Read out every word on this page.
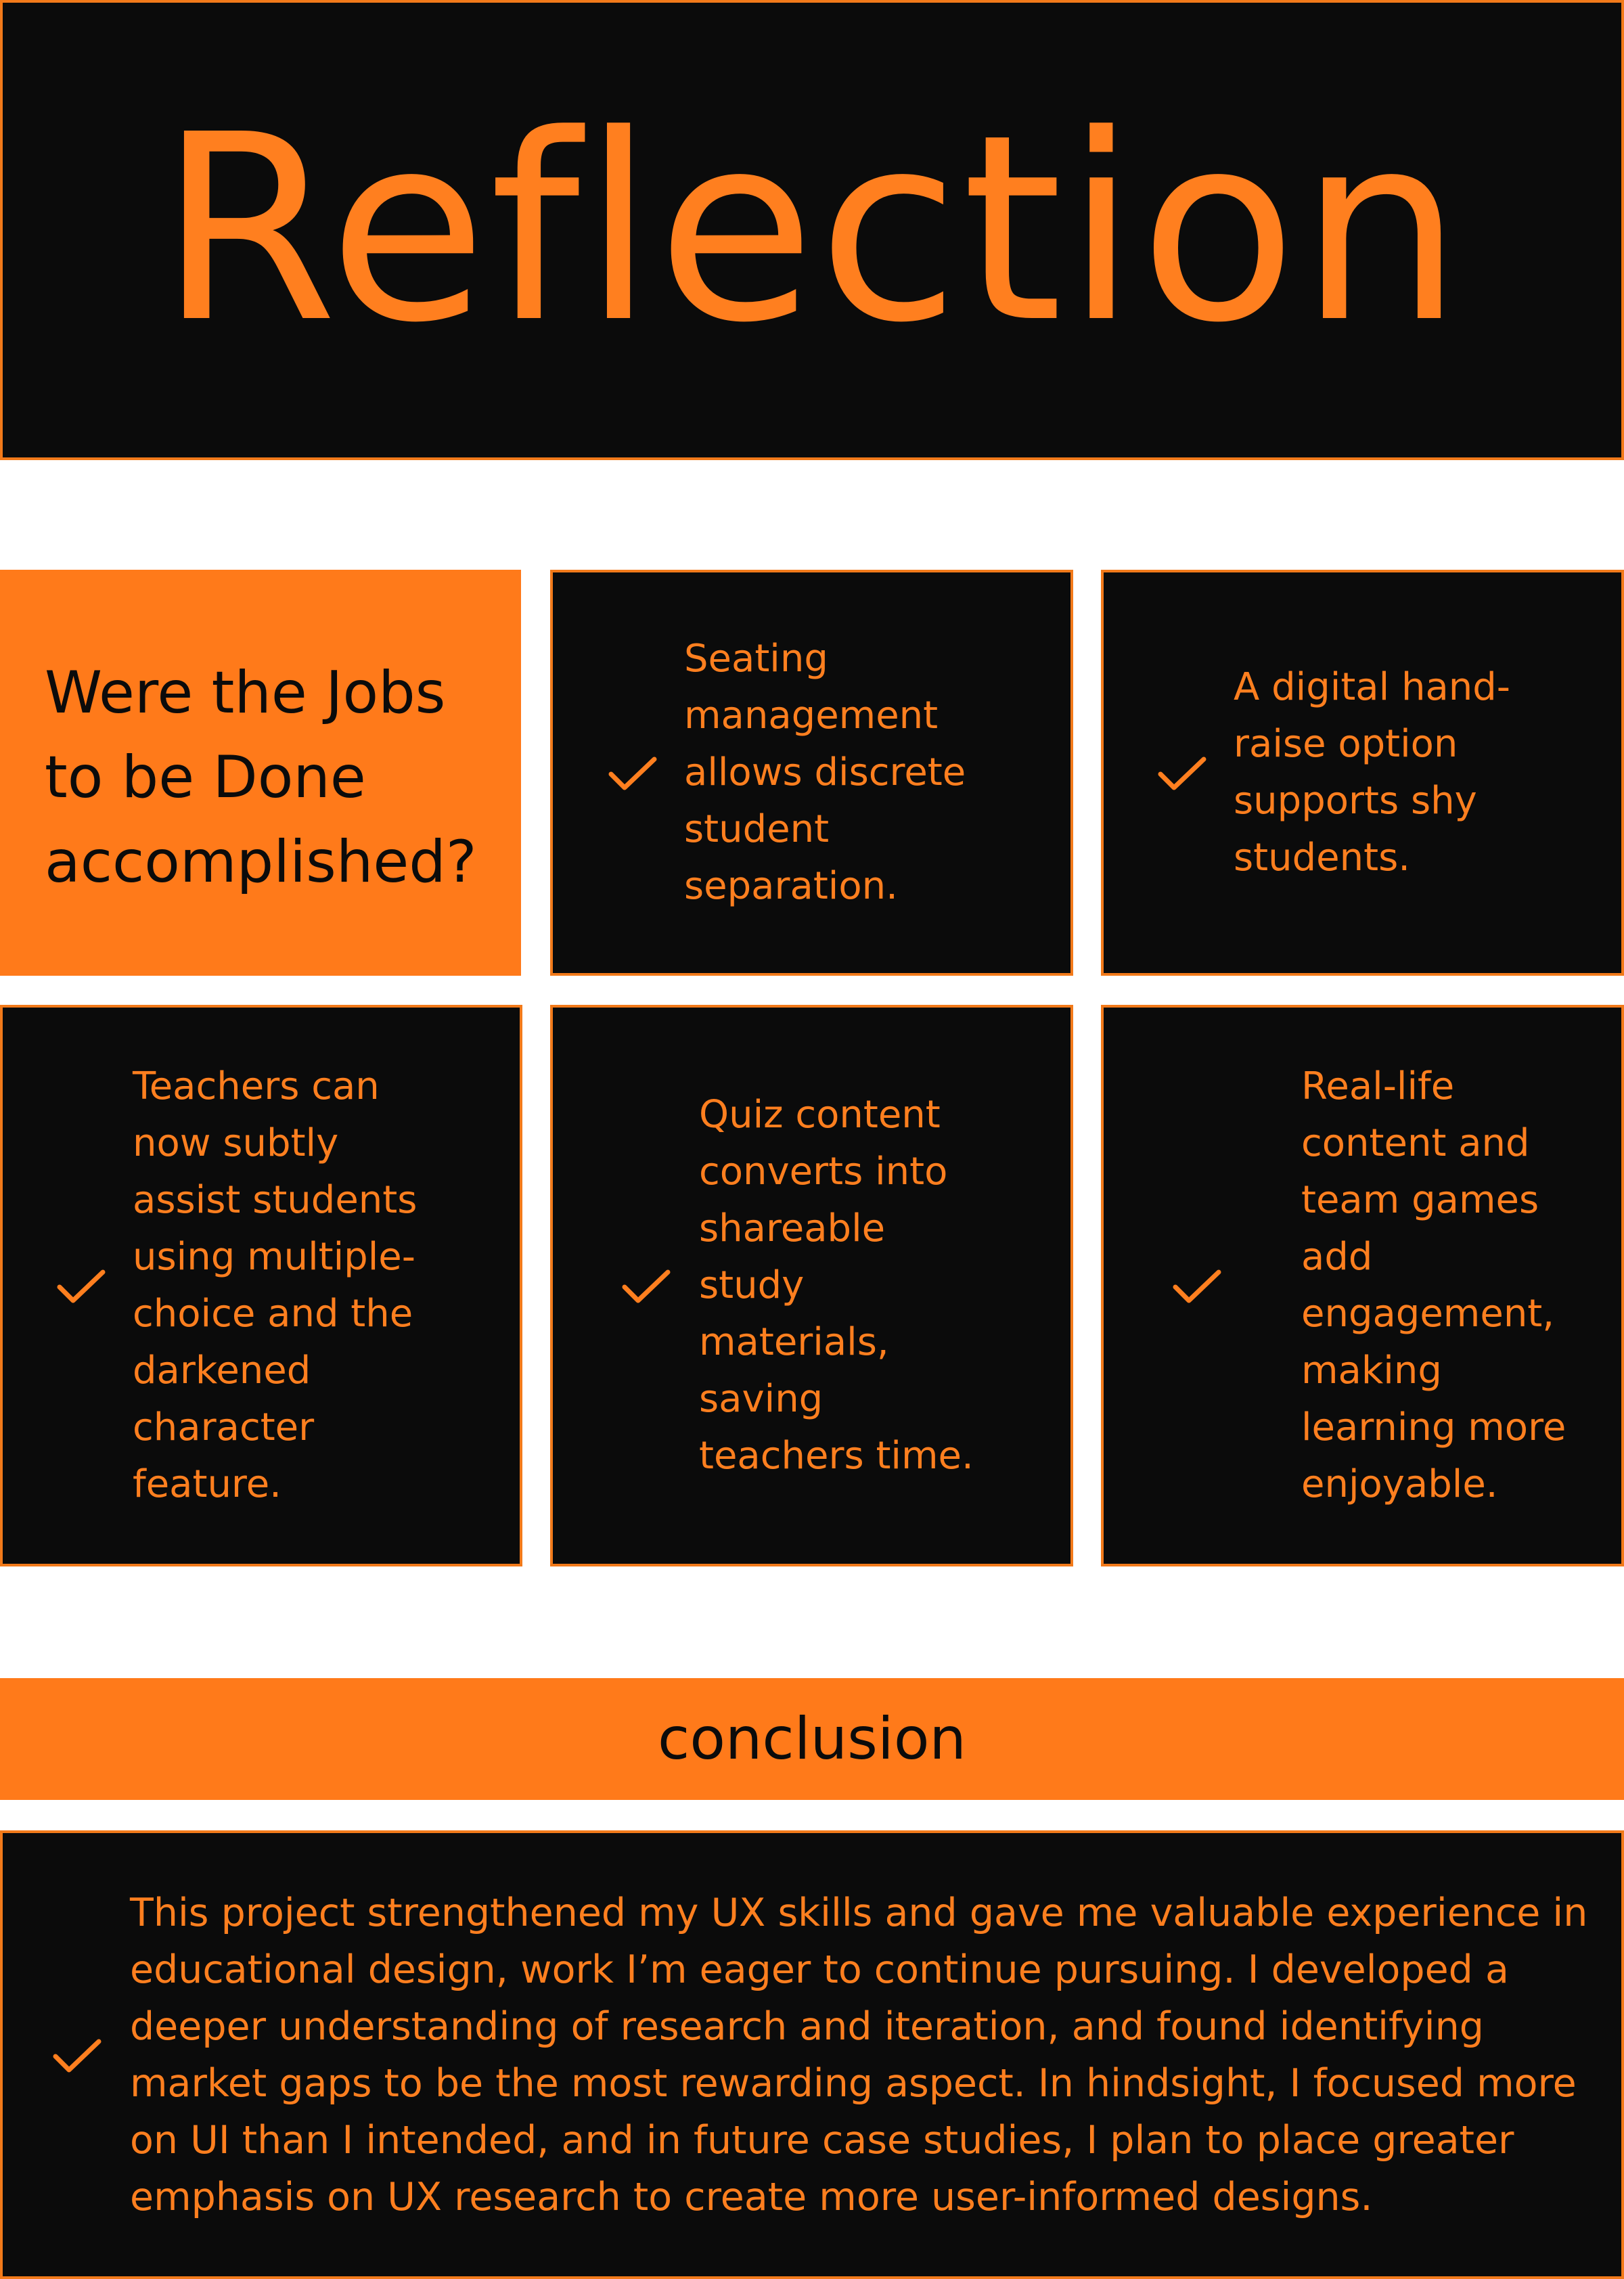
Reflection
Were the Jobs
to be Done
accomplished?
Seating
management
allows discrete
student
separation.
A digital hand-
raise option
supports shy
students.
Teachers can
now subtly
assist students
using multiple-
choice and the
darkened
character
feature.
Quiz content
converts into
shareable
study
materials,
saving
teachers time.
Real-life
content and
team games
add
engagement,
making
learning more
enjoyable.
conclusion
This project strengthened my UX skills and gave me valuable experience in educational design, work I’m eager to continue pursuing. I developed a deeper understanding of research and iteration, and found identifying market gaps to be the most rewarding aspect. In hindsight, I focused more on UI than I intended, and in future case studies, I plan to place greater emphasis on UX research to create more user-informed designs.
